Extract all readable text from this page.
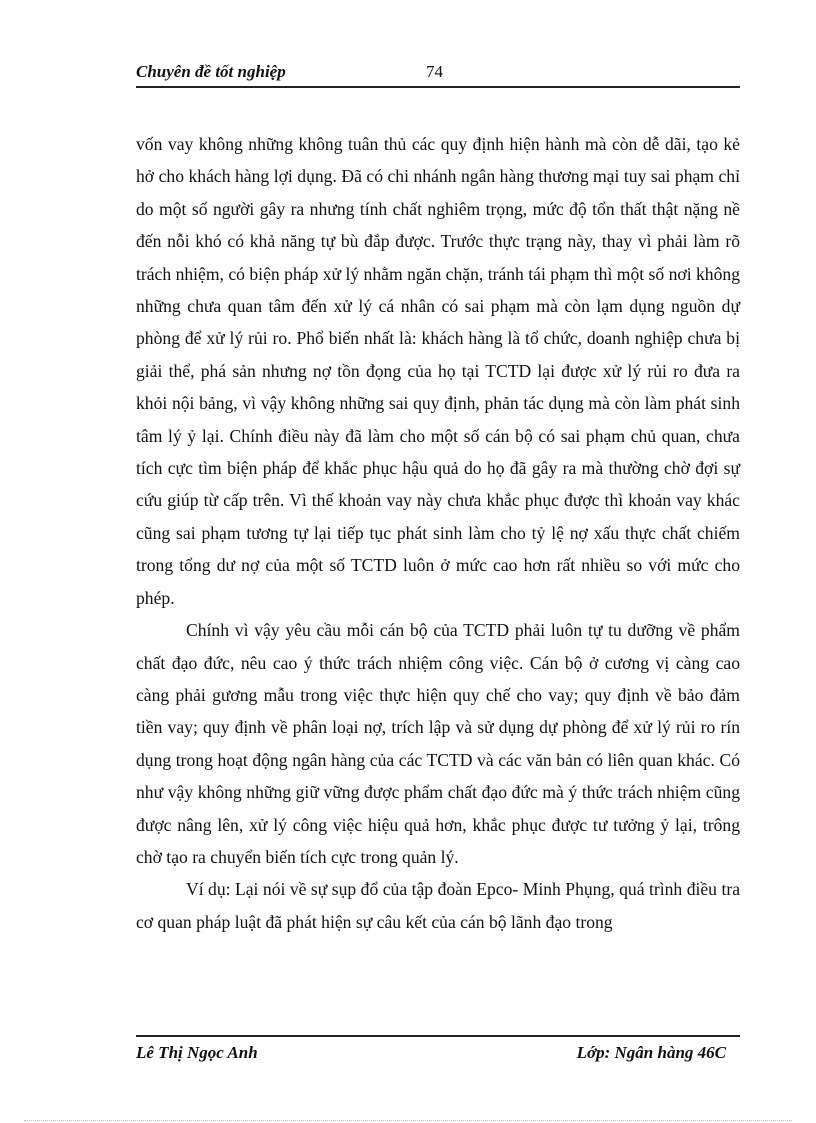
Chuyên đề tốt nghiệp	74

vốn vay không những không tuân thủ các quy định hiện hành mà còn dễ dãi, tạo kẻ hở cho khách hàng lợi dụng. Đã có chi nhánh ngân hàng thương mại tuy sai phạm chỉ do một số người gây ra nhưng tính chất nghiêm trọng, mức độ tổn thất thật nặng nề đến nỗi khó có khả năng tự bù đắp được. Trước thực trạng này, thay vì phải làm rõ trách nhiệm, có biện pháp xử lý nhằm ngăn chặn, tránh tái phạm thì một số nơi không những chưa quan tâm đến xử lý cá nhân có sai phạm mà còn lạm dụng nguồn dự phòng để xử lý rủi ro. Phổ biến nhất là: khách hàng là tổ chức, doanh nghiệp chưa bị giải thể, phá sản nhưng nợ tồn đọng của họ tại TCTD lại được xử lý rủi ro đưa ra khỏi nội bảng, vì vậy không những sai quy định, phản tác dụng mà còn làm phát sinh tâm lý ỷ lại. Chính điều này đã làm cho một số cán bộ có sai phạm chủ quan, chưa tích cực tìm biện pháp để khắc phục hậu quả do họ đã gây ra mà thường chờ đợi sự cứu giúp từ cấp trên. Vì thế khoản vay này chưa khắc phục được thì khoản vay khác cũng sai phạm tương tự lại tiếp tục phát sinh làm cho tỷ lệ nợ xấu thực chất chiếm trong tổng dư nợ của một số TCTD luôn ở mức cao hơn rất nhiều so với mức cho phép.

Chính vì vậy yêu cầu mỗi cán bộ của TCTD phải luôn tự tu dưỡng về phẩm chất đạo đức, nêu cao ý thức trách nhiệm công việc. Cán bộ ở cương vị càng cao càng phải gương mẫu trong việc thực hiện quy chế cho vay; quy định về bảo đảm tiền vay; quy định về phân loại nợ, trích lập và sử dụng dự phòng để xử lý rủi ro rín dụng trong hoạt động ngân hàng của các TCTD và các văn bản có liên quan khác. Có như vậy không những giữ vững được phẩm chất đạo đức mà ý thức trách nhiệm cũng được nâng lên, xử lý công việc hiệu quả hơn, khắc phục được tư tưởng ỷ lại, trông chờ tạo ra chuyển biến tích cực trong quản lý.

Ví dụ: Lại nói về sự sụp đổ của tập đoàn Epco- Minh Phụng, quá trình điều tra cơ quan pháp luật đã phát hiện sự câu kết của cán bộ lãnh đạo trong

Lê Thị Ngọc Anh	Lớp: Ngân hàng 46C
